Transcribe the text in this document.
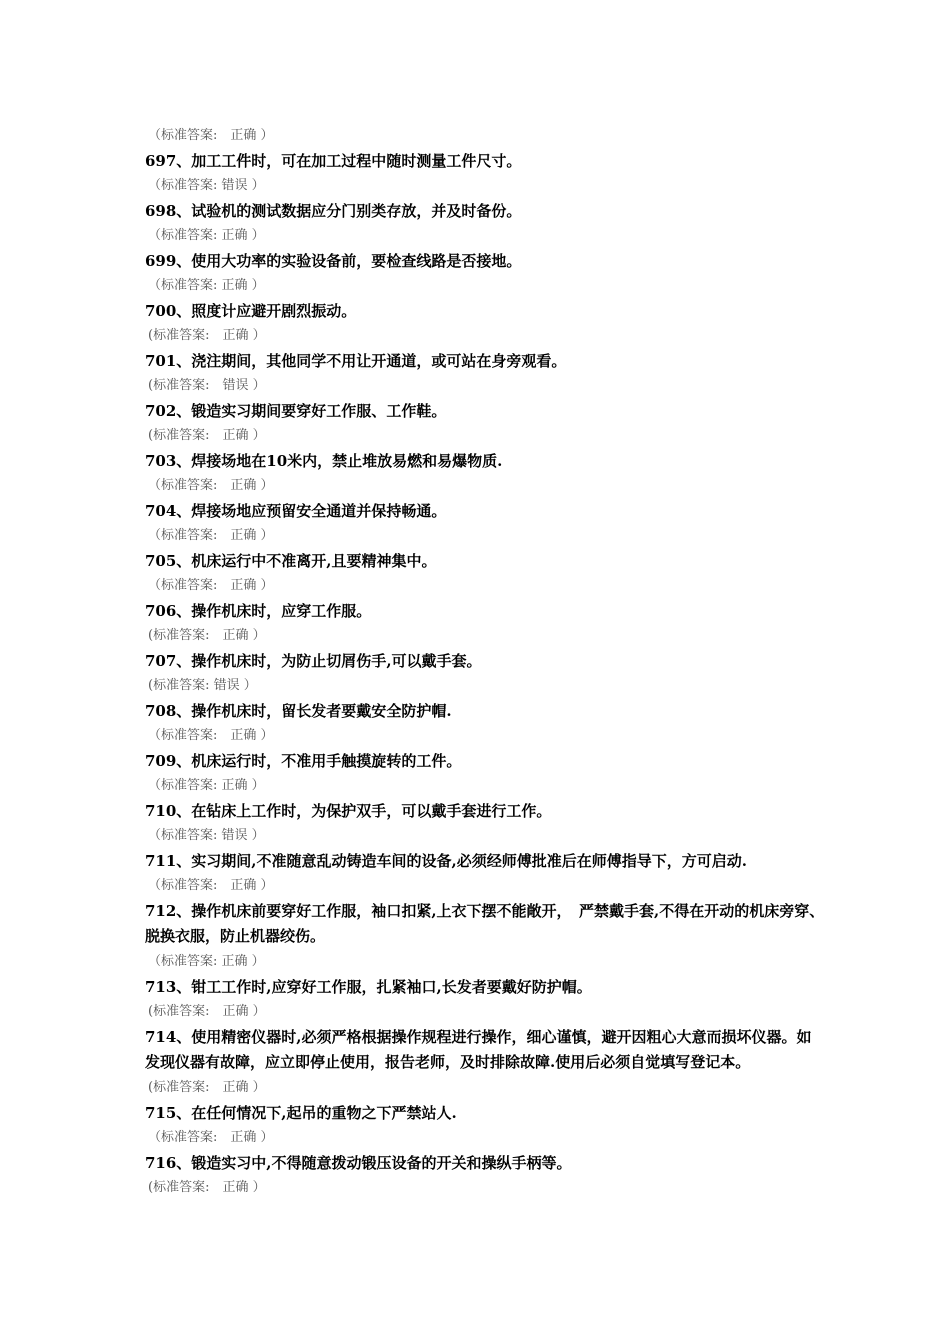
（标准答案:　正确 ）
697、加工工件时，可在加工过程中随时测量工件尺寸。
（标准答案: 错误 ）
698、试验机的测试数据应分门别类存放，并及时备份。
（标准答案: 正确 ）
699、使用大功率的实验设备前，要检查线路是否接地。
（标准答案: 正确 ）
700、照度计应避开剧烈振动。
(标准答案:　正确 ）
701、浇注期间，其他同学不用让开通道，或可站在身旁观看。
(标准答案:　错误 ）
702、锻造实习期间要穿好工作服、工作鞋。
(标准答案:　正确 ）
703、焊接场地在10米内，禁止堆放易燃和易爆物质.
（标准答案:　正确 ）
704、焊接场地应预留安全通道并保持畅通。
（标准答案:　正确 ）
705、机床运行中不准离开,且要精神集中。
（标准答案:　正确 ）
706、操作机床时，应穿工作服。
(标准答案:　正确 ）
707、操作机床时，为防止切屑伤手,可以戴手套。
(标准答案: 错误 ）
708、操作机床时，留长发者要戴安全防护帽.
（标准答案:　正确 ）
709、机床运行时，不准用手触摸旋转的工件。
（标准答案: 正确 ）
710、在钻床上工作时，为保护双手，可以戴手套进行工作。
（标准答案: 错误 ）
711、实习期间,不准随意乱动铸造车间的设备,必须经师傅批准后在师傅指导下，方可启动.
（标准答案:　正确 ）
712、操作机床前要穿好工作服，袖口扣紧,上衣下摆不能敞开，　严禁戴手套,不得在开动的机床旁穿、脱换衣服，防止机器绞伤。
（标准答案: 正确 ）
713、钳工工作时,应穿好工作服，扎紧袖口,长发者要戴好防护帽。
(标准答案:　正确 ）
714、使用精密仪器时,必须严格根据操作规程进行操作，细心谨慎，避开因粗心大意而损坏仪器。如发现仪器有故障，应立即停止使用，报告老师，及时排除故障.使用后必须自觉填写登记本。
(标准答案:　正确 ）
715、在任何情况下,起吊的重物之下严禁站人.
（标准答案:　正确 ）
716、锻造实习中,不得随意拨动锻压设备的开关和操纵手柄等。
(标准答案:　正确 ）
